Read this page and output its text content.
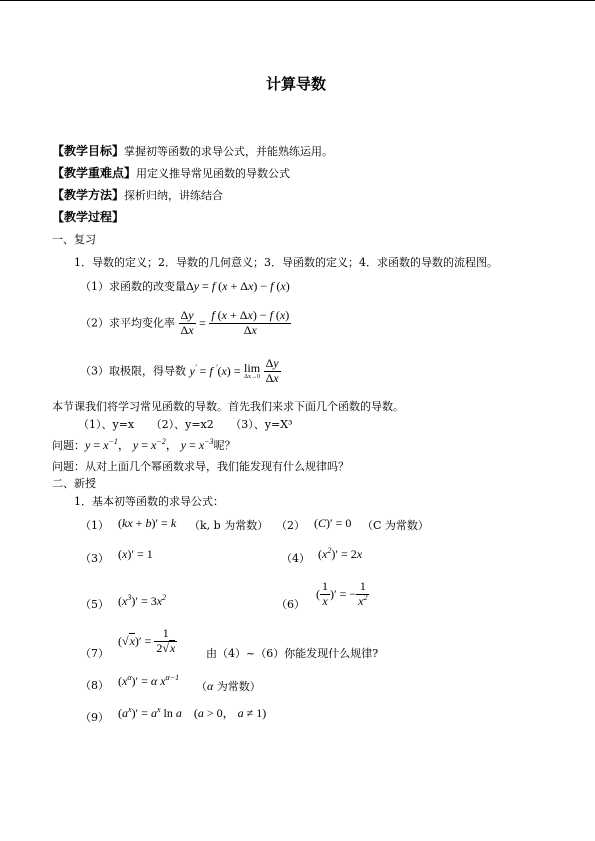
计算导数
【教学目标】掌握初等函数的求导公式，并能熟练运用。
【教学重难点】用定义推导常见函数的导数公式
【教学方法】探析归纳，讲练结合
【教学过程】
一、复习
1．导数的定义；2．导数的几何意义；3．导函数的定义；4．求函数的导数的流程图。
（1）求函数的改变量Δy = f (x + Δx) − f (x)
（2）求平均变化率 $\frac{\Delta y}{\Delta x} = \frac{f (x + \Delta x) - f (x)}{\Delta x}$
（3）取极限，得导数 y′ = f ′(x) = lim
Δx→0
$\frac{\Delta y}{\Delta x}$
本节课我们将学习常见函数的导数。首先我们来求下面几个函数的导数。
（1）、y=x　　（2）、y=x2　　（3）、y=X³
问题：$y = x^{-1}$， $y = x^{-2}$， $y = x^{-3}$呢？
问题：从对上面几个幂函数求导，我们能发现有什么规律吗？
二、新授
1．基本初等函数的求导公式：
（1） (kx + b)′ = k （k, b 为常数） （2） (C)′ = 0 （C 为常数）
（3） (x)′ = 1	（4） $(x^2)' = 2x$
（5） $(x^3)' = 3x^2$
（6）
( $\frac{1}{x}$ )′ = − $\frac{1}{x^2}$
（7）
$(√x)' = \frac{1}{2√x}$	由（4）~（6）你能发现什么规律?
（8） $(x^\alpha)' = \alpha$ $x^{\alpha-1}$
（α 为常数）
（9） $(a^x)' = a^x$ ln a　(a > 0， a ≠ 1)
